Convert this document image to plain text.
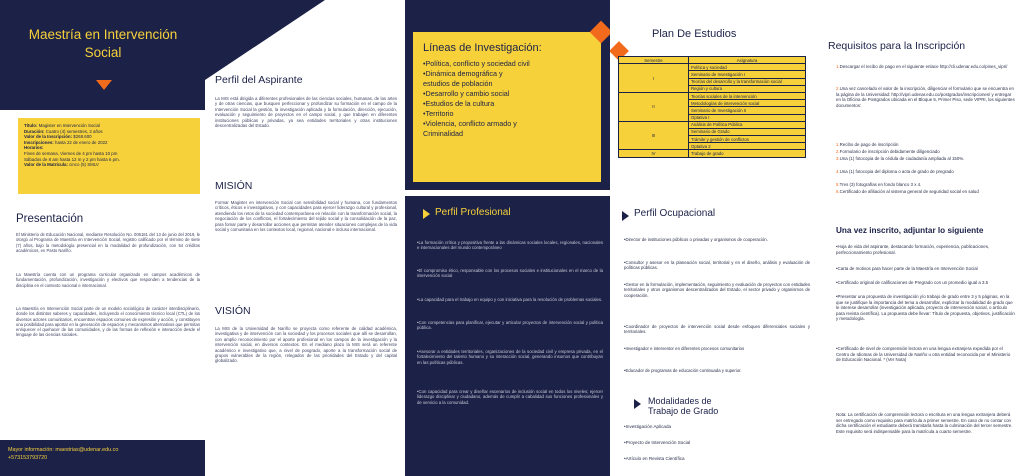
Maestría en Intervención Social
Título: Magister en Intervención Social
Duración: Cuatro (4) semestres, 2 años
Valor de la Inscripción: $268.600
Inscripciones: hasta 22 de enero de 2022
Horarios:
Fines de semana, Viernes de 4 pm hasta 10 pm
Sábados de 8 am hasta 12 m y 2 pm hasta 6 pm.
Valor de la Matrícula: cinco (5) SMLV
Presentación

El Ministerio de Educación Nacional, mediante Resolución No. 006181 del 13 de junio del 2019, le otorgó al Programa de Maestría en Intervención Social, registro calificado por el término de siete (7) años, bajo la metodología presencial en la modalidad de profundización, con 54 créditos académicos, en Pasto Nariño.

La Maestría cuenta con un programa curricular organizado en campos académicos de fundamentación, profundización, investigación y electivos que responden a tendencias de la disciplina en el contexto nacional e internacional.

La Maestría en Intervención Social parte de un modelo sociológico de carácter interdisciplinario, donde los distintos saberes y capacidades, incluyendo el conocimiento técnico local (CTL) de los diversos actores comunitarios, encuentran espacios comunes de expresión y acción, y constituyen una posibilidad para aportar en la generación de espacios y mecanismos alternativos que permitan enriquecer el quehacer de las comunidades, y de las formas de reflexión e interacción desde el lenguaje de las ciencias sociales.

Mayor información: maestrias@udenar.edu.co
+573153793720
Perfil del Aspirante

La MIS está dirigida a diferentes profesionales de las ciencias sociales, humanas, de las artes y de otras ciencias, que busquen perfeccionar y profundizar su formación en el campo de la Intervención Social la gestión, la investigación aplicada y la formulación, dirección, ejecución, evaluación y seguimiento de proyectos en el campo social, y que trabajen en diferentes instituciones públicas y privadas, ya sea entidades territoriales y otras instituciones descentralizadas del Estado.

MISIÓN

Formar Magister en intervención Social con sensibilidad social y humana, con fundamentos críticos, éticos e investigativos, y con capacidades para ejercer liderazgo cultural y profesional, atendiendo los retos de la sociedad contemporánea en relación con la transformación social, la negociación de los conflictos, el fortalecimiento del tejido social y la consolidación de la paz, para fomar parte y desarrollar acciones que permitan atender situaciones complejas de la vida social y comunitaria en los contextos local, regional, nacional e incluso internacional.

VISIÓN

La MIS de la Universidad de Nariño se proyecta como referente de calidad académica, investigativa y de intervención con la sociedad y los procesos sociales que allí se desarrollan, con amplio reconocimiento por el aporte profesional en los campos de la investigación y la intervención social, en diversos contextos. En el mediano plazo la MIS será un referente académico e investigativo que, a nivel de posgrado, aporte a la transformación social de grupos vulnerables de la región, relegados de las prioridades del Estado y del capital globalizado.

Líneas de Investigación:
•Política, conflicto y sociedad civil
•Dinámica demográfica y
estudios de población
•Desarrollo y cambio social
•Estudios de la cultura
•Territorio
•Violencia, conflicto armado y
Criminalidad
Perfil Profesional

•La formación crítica y propositiva frente a las dinámicas sociales locales, regionales, nacionales e internacionales del mundo contemporáneo

•El compromiso ético, responsable con los procesos sociales e institucionales en el marco de la intervención social

•La capacidad para el trabajo en equipo y con iniciativa para la resolución de problemas sociales.

•Con competencias para planificar, ejecutar y articular proyectos de intervención social y política pública.

•Asesorar a entidades territoriales, organizaciones de la sociedad civil y empresa privada, en el fortalecimiento del talento humano y su interacción social, generando insumos que contribuyan en las políticas públicas.

•Con capacidad para crear y diseñar escenarios de inclusión social en todos los niveles; ejercer liderazgo disciplinar y ciudadano, además de cumplir a cabalidad sus funciones profesionales y de servicio a la comunidad.

Plan De Estudios
Semestre	Asignatura
I	Política y sociedad
	Seminario de Investigación I
	Teorías del desarrollo y la transformación social
	Región y cultura
II	Teorías sociales de la intervención
	Metodologías de intervención social
	Seminario de Investigación II
	Optativa I
III	Análisis de Política Pública
	Seminario de Grado
	Trámite y gestión de conflictos
	Optativa 2
IV	Trabajo de grado
Perfil Ocupacional

•Director de instituciones públicos o privadas y organismos de cooperación.

•Consultor y asesor en la planeación social, territorial y en el diseño, análisis y evaluación de políticas públicas.

•Gestor en la formulación, implementación, seguimiento y evaluación de proyectos con entidades territoriales y otros organismos descentralizados del Estado, el sector privado y organismos de cooperación.

•Coordinador de proyectos de intervención social desde enfoques diferenciales sociales y territoriales.

•Investigador e interventor en diferentes procesos comunitarios

•Educador de programas de educación continuada y superior.

Modalidades de
Trabajo de Grado
•Investigación Aplicada
•Proyecto de Intervención Social
•Artículo en Revista Científica
Requisitos para la Inscripción
1.Descargar el recibo de pago en el siguiente enlace http://cli.udenar.edu.co/pines_vipri/
2.Una vez cancelado el valor de la inscripción, diligenciar el formulario que se encuentra en la página de la Universidad: http://vipri.udenar.edu.co/postgrados/inscripciones/ y entregar en la Oficina de Postgrados ubicada en el Bloque 5, Primer Piso, sede VIPRI, los siguientes documentos:
1.Recibo de pago de inscripción
2.Formulario de inscripción debidamente diligenciado
3.Una (1) fotocopia de la cédula de ciudadanía ampliada al 150%.
4.Una (1) fotocopia del diploma o acta de grado de pregrado
5.Tres (3) fotografías en fondo blanco 3 x 4.
6.Certificado de afiliación al sistema general de seguridad social en salud
Una vez inscrito, adjuntar lo siguiente

•Hoja de vida del aspirante, destacando formación, experiencia, publicaciones, perfeccionamiento profesional.

•Carta de motivos para hacer parte de la Maestría en Intervención Social

•Certificado original de calificaciones de Pregrado con un promedio igual a 3.5

•Presentar una propuesta de investigación y/o trabajo de grado entre 3 y 5 páginas, en la que se justifique la importancia del tema a desarrollar, explicitar la modalidad de grado que le interese desarrollar (investigación aplicada, proyecto de intervención social, o artículo para revista científica). La propuesta debe llevar: Título de propuesta, objetivos, justificación y metodología.

•Certificado de nivel de comprensión lectora en una lengua extranjera expedida por el Centro de Idiomas de la Universidad de Nariño u otra entidad reconocida por el Ministerio de Educación Nacional. * (Ver Nota)

Nota: La certificación de comprensión lectora o escritura en una lengua extranjera deberá ser entregado como requisito para matrícula a primer semestre. En caso de no contar con dicha certificación el estudiante deberá tramitarla hasta la culminación del tercer semestre. Este requisito será indispensable para la matrícula a cuarto semestre.
